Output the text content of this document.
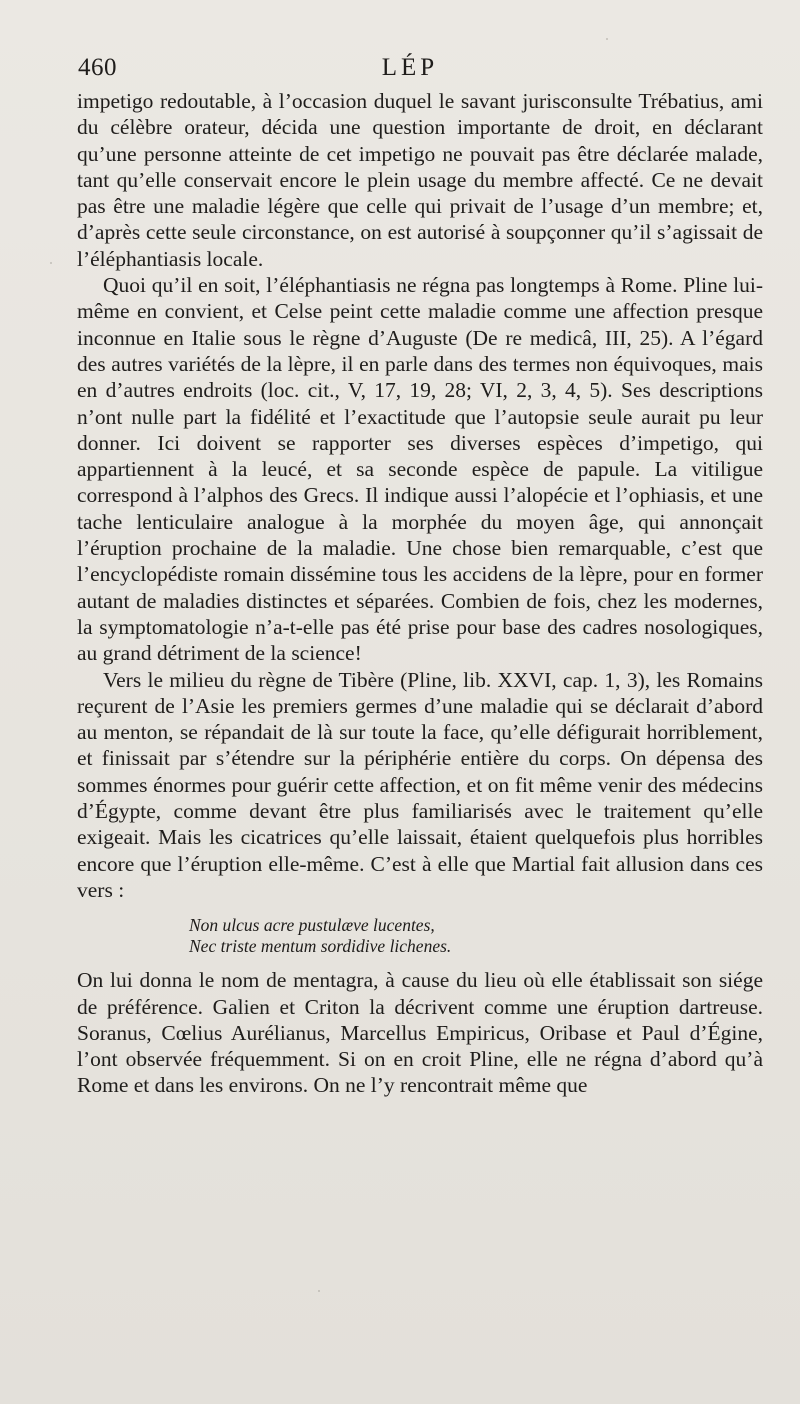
460	LÉP

impetigo redoutable, à l’occasion duquel le savant jurisconsulte Trébatius, ami du célèbre orateur, décida une question importante de droit, en déclarant qu’une personne atteinte de cet impetigo ne pouvait pas être déclarée malade, tant qu’elle conservait encore le plein usage du membre affecté. Ce ne devait pas être une maladie légère que celle qui privait de l’usage d’un membre; et, d’après cette seule circonstance, on est autorisé à soupçonner qu’il s’agissait de l’éléphantiasis locale.

Quoi qu’il en soit, l’éléphantiasis ne régna pas longtemps à Rome. Pline lui-même en convient, et Celse peint cette maladie comme une affection presque inconnue en Italie sous le règne d’Auguste (De re medicâ, III, 25). A l’égard des autres variétés de la lèpre, il en parle dans des termes non équivoques, mais en d’autres endroits (loc. cit., V, 17, 19, 28; VI, 2, 3, 4, 5). Ses descriptions n’ont nulle part la fidélité et l’exactitude que l’autopsie seule aurait pu leur donner. Ici doivent se rapporter ses diverses espèces d’impetigo, qui appartiennent à la leucé, et sa seconde espèce de papule. La vitiligue correspond à l’alphos des Grecs. Il indique aussi l’alopécie et l’ophiasis, et une tache lenticulaire analogue à la morphée du moyen âge, qui annonçait l’éruption prochaine de la maladie. Une chose bien remarquable, c’est que l’encyclopédiste romain dissémine tous les accidens de la lèpre, pour en former autant de maladies distinctes et séparées. Combien de fois, chez les modernes, la symptomatologie n’a-t-elle pas été prise pour base des cadres nosologiques, au grand détriment de la science!

Vers le milieu du règne de Tibère (Pline, lib. XXVI, cap. 1, 3), les Romains reçurent de l’Asie les premiers germes d’une maladie qui se déclarait d’abord au menton, se répandait de là sur toute la face, qu’elle défigurait horriblement, et finissait par s’étendre sur la périphérie entière du corps. On dépensa des sommes énormes pour guérir cette affection, et on fit même venir des médecins d’Égypte, comme devant être plus familiarisés avec le traitement qu’elle exigeait. Mais les cicatrices qu’elle laissait, étaient quelquefois plus horribles encore que l’éruption elle-même. C’est à elle que Martial fait allusion dans ces vers :

Non ulcus acre pustulæve lucentes,
Nec triste mentum sordidive lichenes.

On lui donna le nom de mentagra, à cause du lieu où elle établissait son siége de préférence. Galien et Criton la décrivent comme une éruption dartreuse. Soranus, Cœlius Aurélianus, Marcellus Empiricus, Oribase et Paul d’Égine, l’ont observée fréquemment. Si on en croit Pline, elle ne régna d’abord qu’à Rome et dans les environs. On ne l’y rencontrait même que
